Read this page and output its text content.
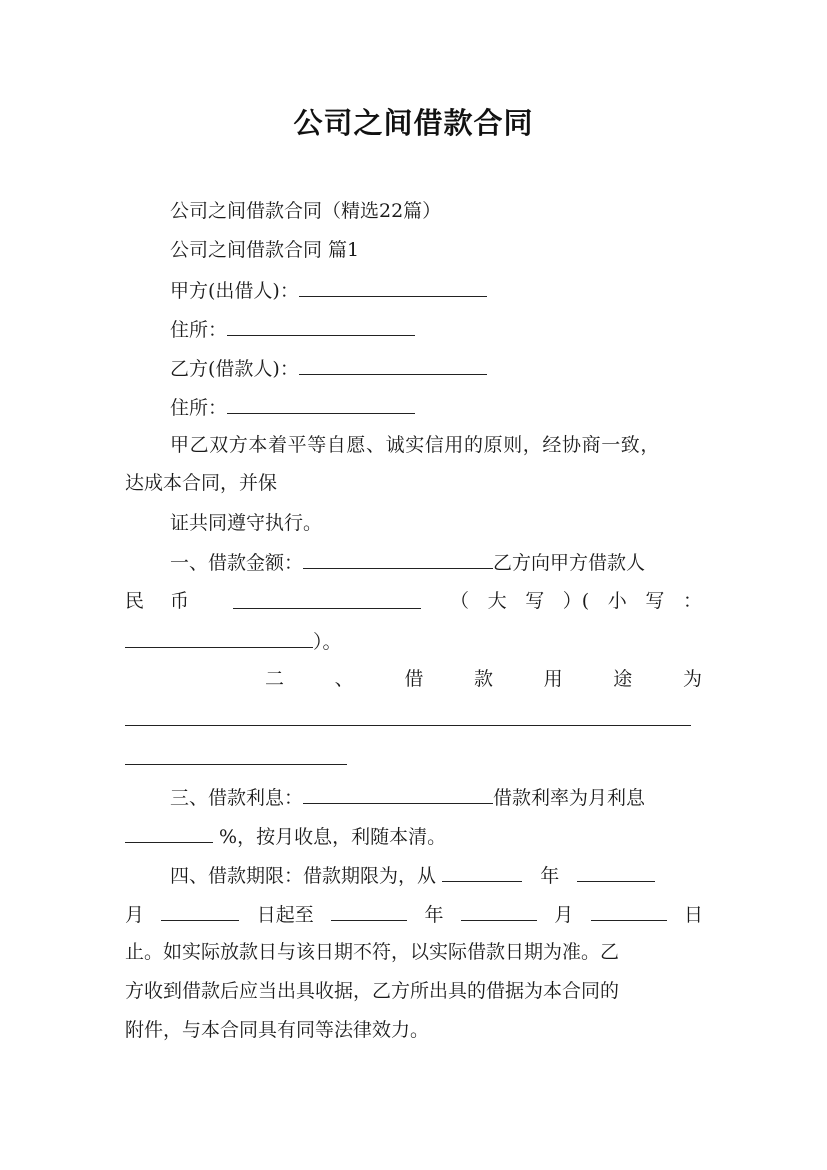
公司之间借款合同
公司之间借款合同（精选22篇）
公司之间借款合同 篇1
甲方(出借人)：
住所：
乙方(借款人)：
住所：
甲乙双方本着平等自愿、诚实信用的原则，经协商一致，
达成本合同，并保
证共同遵守执行。
一、借款金额：	乙方向甲方借款人
民 币	（ 大 写 ）( 小 写 ：
）。
二	、	借	款	用	途	为
三、借款利息：	借款利率为月利息
%，按月收息，利随本清。
四、借款期限：借款期限为，从	年
月	日起至	年	月	日
止。如实际放款日与该日期不符，以实际借款日期为准。乙
方收到借款后应当出具收据，乙方所出具的借据为本合同的
附件，与本合同具有同等法律效力。
